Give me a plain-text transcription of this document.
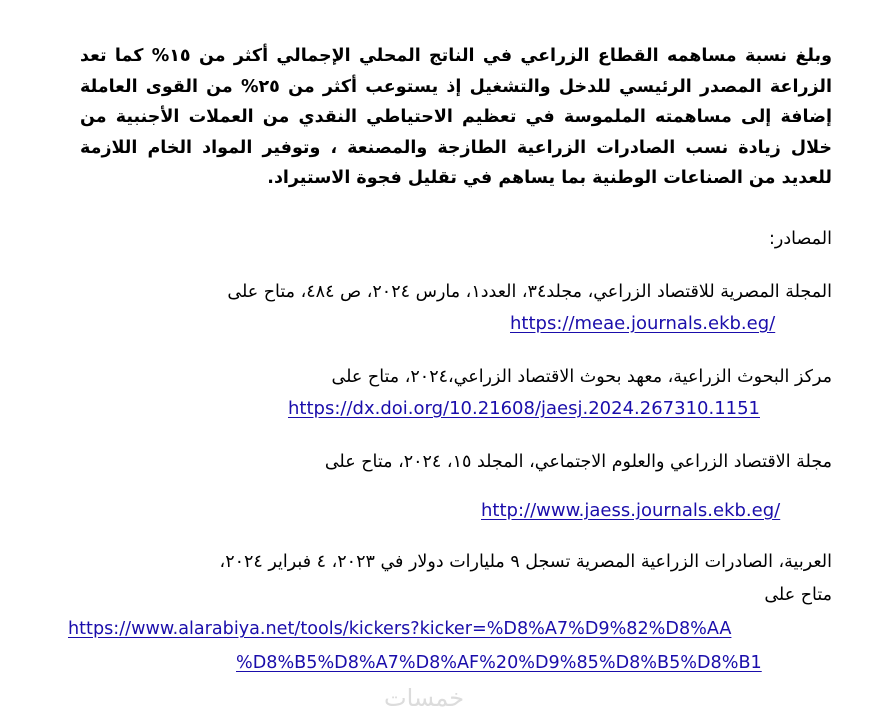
وبلغ نسبة مساهمه القطاع الزراعي في الناتج المحلي الإجمالي أكثر من ١٥% كما تعد الزراعة المصدر الرئيسي للدخل والتشغيل إذ يستوعب أكثر من ٢٥% من القوى العاملة إضافة إلى مساهمته الملموسة في تعظيم الاحتياطي النقدي من العملات الأجنبية من خلال زيادة نسب الصادرات الزراعية الطازجة والمصنعة ، وتوفير المواد الخام اللازمة للعديد من الصناعات الوطنية بما يساهم في تقليل فجوة الاستيراد.
المصادر:
المجلة المصرية للاقتصاد الزراعي، مجلد٣٤، العدد١، مارس ٢٠٢٤، ص ٤٨٤، متاح على
https://meae.journals.ekb.eg/
مركز البحوث الزراعية، معهد بحوث الاقتصاد الزراعي،٢٠٢٤، متاح على
https://dx.doi.org/10.21608/jaesj.2024.267310.1151
مجلة الاقتصاد الزراعي والعلوم الاجتماعي، المجلد ١٥، ٢٠٢٤، متاح على
http://www.jaess.journals.ekb.eg/
العربية، الصادرات الزراعية المصرية تسجل ٩ مليارات دولار في ٢٠٢٣، ٤ فبراير ٢٠٢٤،
متاح على
https://www.alarabiya.net/tools/kickers?kicker=%D8%A7%D9%82%D8%AA
%D8%B5%D8%A7%D8%AF%20%D9%85%D8%B5%D8%B1
خمسات
